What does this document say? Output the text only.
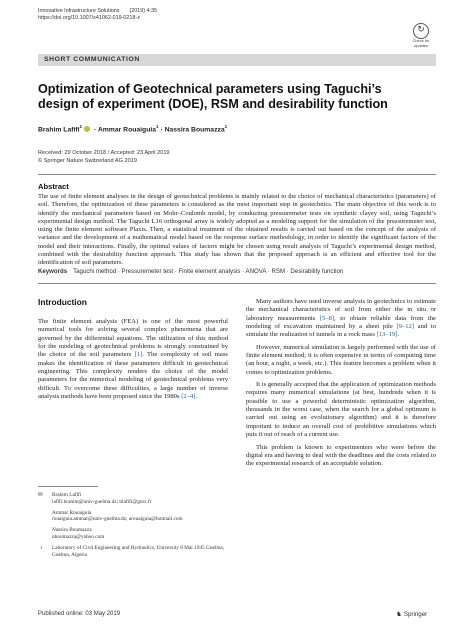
Innovative Infrastructure Solutions (2019) 4:35
https://doi.org/10.1007/s41062-019-0218-z
↻
Check for
updates
SHORT COMMUNICATION
Optimization of Geotechnical parameters using Taguchi’s design of experiment (DOE), RSM and desirability function
Brahim Lafifi$^1$ · Ammar Rouaiguia$^1$ · Nassira Boumazza$^1$
Received: 29 October 2018 / Accepted: 23 April 2019
© Springer Nature Switzerland AG 2019
Abstract
The use of finite element analyses in the design of geotechnical problems is mainly related to the choice of mechanical characteristics (parameters) of soil. Therefore, the optimization of these parameters is considered as the most important step in geotechnics. The main objective of this work is to identify the mechanical parameters based on Mohr–Coulomb model, by conducting pressuremeter tests on synthetic clayey soil, using Taguchi’s experimental design method. The Taguchi L16 orthogonal array is widely adopted as a modeling support for the simulation of the pressuremeter test, using the finite element software Plaxis. Then, a statistical treatment of the obtained results is carried out based on the concept of the analysis of variance and the development of a mathematical model based on the response surface methodology, in order to identify the significant factors of the model and their interactions. Finally, the optimal values of factors might be chosen using result analysis of Taguchi’s experimental design method, combined with the desirability function approach. This study has shown that the proposed approach is an efficient and effective tool for the identification of soil parameters.
Keywords Taguchi method · Pressuremeter test · Finite element analysis · ANOVA · RSM · Desirability function
Introduction

The finite element analysis (FEA) is one of the most powerful numerical tools for solving several complex phenomena that are governed by the differential equations. The utilization of this method for the modeling of geotechnical problems is strongly constrained by the choice of the soil parameters [1]. The complexity of soil mass makes the identification of these parameters difficult in geotechnical engineering. This complexity renders the choice of the model parameters for the numerical modeling of geotechnical problems very difficult. To overcome these difficulties, a large number of inverse analysis methods have been proposed since the 1980s [2–4].

Many authors have used inverse analysis in geotechnics to estimate the mechanical characteristics of soil from either the in situ or laboratory measurements [5–8], to obtain reliable data from the modeling of excavation maintained by a sheet pile [9–12] and to simulate the realization of tunnels in a rock mass [13–19].

However, numerical simulation is largely performed with the use of finite element method; it is often expensive in terms of computing time (an hour, a night, a week, etc.). This feature becomes a problem when it comes to optimization problems.

It is generally accepted that the application of optimization methods requires many numerical simulations (at best, hundreds when it is possible to use a powerful deterministic optimization algorithm, thousands in the worst case, when the search for a global optimum is carried out using an evolutionary algorithm) and it is therefore important to induce an overall cost of prohibitive simulations which puts it out of reach of a current use.

This problem is known to experimenters who were before the digital era and having to deal with the deadlines and the costs related to the experimental research of an acceptable solution.

✉ Brahim Lafifi
lafifi.brahim@univ-guelma.dz; blafifi@gmx.fr
Ammar Rouaiguia
rouaiguia.ammar@univ-guelma.dz; arouaiguia@hotmail.com
Nassira Boumazza
nboumazza@yahoo.com
1 Laboratory of Civil Engineering and Hydraulics, University 8 Mai 1945 Guelma, Guelma, Algeria
Published online: 03 May 2019	♞ Springer
